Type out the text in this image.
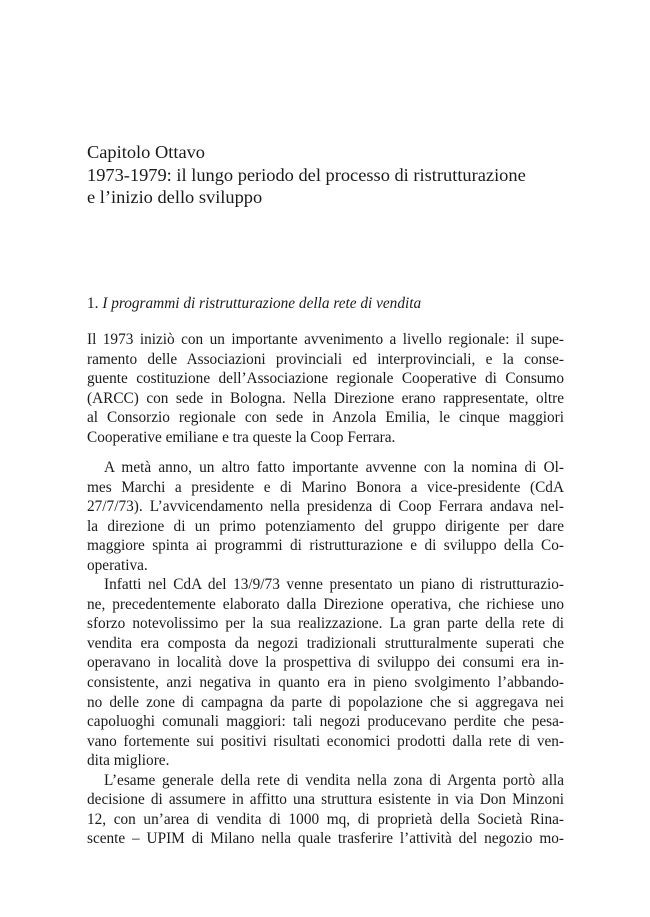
Capitolo Ottavo
1973-1979: il lungo periodo del processo di ristrutturazione
e l’inizio dello sviluppo
1. I programmi di ristrutturazione della rete di vendita
Il 1973 iniziò con un importante avvenimento a livello regionale: il supe-
ramento delle Associazioni provinciali ed interprovinciali, e la conse-
guente costituzione dell’Associazione regionale Cooperative di Consumo
(ARCC) con sede in Bologna. Nella Direzione erano rappresentate, oltre
al Consorzio regionale con sede in Anzola Emilia, le cinque maggiori
Cooperative emiliane e tra queste la Coop Ferrara.
A metà anno, un altro fatto importante avvenne con la nomina di Ol-
mes Marchi a presidente e di Marino Bonora a vice-presidente (CdA
27/7/73). L’avvicendamento nella presidenza di Coop Ferrara andava nel-
la direzione di un primo potenziamento del gruppo dirigente per dare
maggiore spinta ai programmi di ristrutturazione e di sviluppo della Co-
operativa.
Infatti nel CdA del 13/9/73 venne presentato un piano di ristrutturazio-
ne, precedentemente elaborato dalla Direzione operativa, che richiese uno
sforzo notevolissimo per la sua realizzazione. La gran parte della rete di
vendita era composta da negozi tradizionali strutturalmente superati che
operavano in località dove la prospettiva di sviluppo dei consumi era in-
consistente, anzi negativa in quanto era in pieno svolgimento l’abbando-
no delle zone di campagna da parte di popolazione che si aggregava nei
capoluoghi comunali maggiori: tali negozi producevano perdite che pesa-
vano fortemente sui positivi risultati economici prodotti dalla rete di ven-
dita migliore.
L’esame generale della rete di vendita nella zona di Argenta portò alla
decisione di assumere in affitto una struttura esistente in via Don Minzoni
12, con un’area di vendita di 1000 mq, di proprietà della Società Rina-
scente – UPIM di Milano nella quale trasferire l’attività del negozio mo-
